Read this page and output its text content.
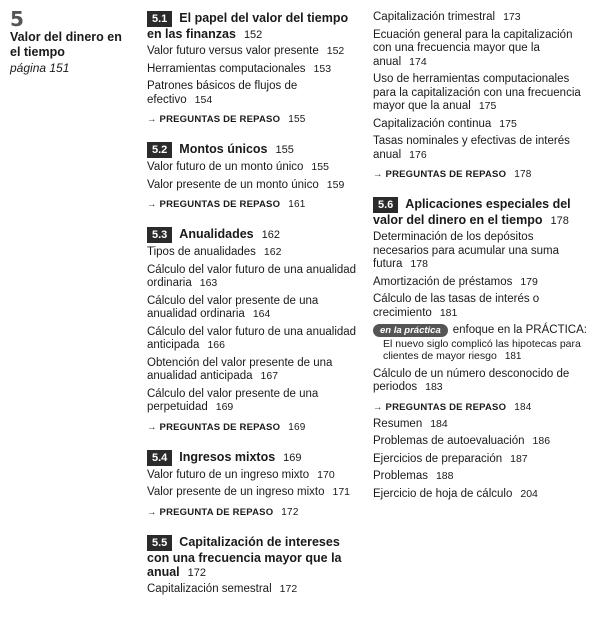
5
Valor del dinero en el tiempo
página 151
5.1 El papel del valor del tiempo en las finanzas 152
Valor futuro versus valor presente 152
Herramientas computacionales 153
Patrones básicos de flujos de efectivo 154
→ PREGUNTAS DE REPASO 155
5.2 Montos únicos 155
Valor futuro de un monto único 155
Valor presente de un monto único 159
→ PREGUNTAS DE REPASO 161
5.3 Anualidades 162
Tipos de anualidades 162
Cálculo del valor futuro de una anualidad ordinaria 163
Cálculo del valor presente de una anualidad ordinaria 164
Cálculo del valor futuro de una anualidad anticipada 166
Obtención del valor presente de una anualidad anticipada 167
Cálculo del valor presente de una perpetuidad 169
→ PREGUNTAS DE REPASO 169
5.4 Ingresos mixtos 169
Valor futuro de un ingreso mixto 170
Valor presente de un ingreso mixto 171
→ PREGUNTA DE REPASO 172
5.5 Capitalización de intereses con una frecuencia mayor que la anual 172
Capitalización semestral 172
Capitalización trimestral 173
Ecuación general para la capitalización con una frecuencia mayor que la anual 174
Uso de herramientas computacionales para la capitalización con una frecuencia mayor que la anual 175
Capitalización continua 175
Tasas nominales y efectivas de interés anual 176
→ PREGUNTAS DE REPASO 178
5.6 Aplicaciones especiales del valor del dinero en el tiempo 178
Determinación de los depósitos necesarios para acumular una suma futura 178
Amortización de préstamos 179
Cálculo de las tasas de interés o crecimiento 181
en la práctica enfoque en la PRÁCTICA:
El nuevo siglo complicó las hipotecas para clientes de mayor riesgo 181
Cálculo de un número desconocido de periodos 183
→ PREGUNTAS DE REPASO 184
Resumen 184
Problemas de autoevaluación 186
Ejercicios de preparación 187
Problemas 188
Ejercicio de hoja de cálculo 204
